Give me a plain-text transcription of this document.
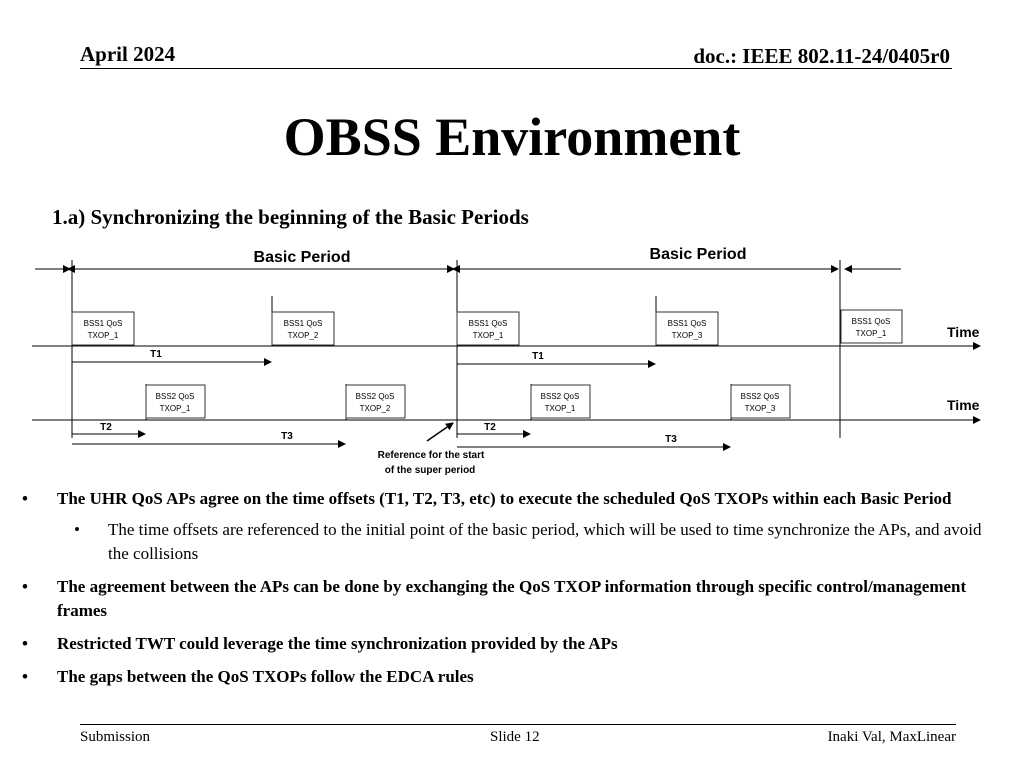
April 2024	doc.: IEEE 802.11-24/0405r0
OBSS Environment
1.a) Synchronizing the beginning of the Basic Periods
Basic Period	Basic Period
Time
Time
BSS1 QoS
TXOP_1
BSS1 QoS
TXOP_2
BSS1 QoS
TXOP_1
BSS1 QoS
TXOP_3
BSS1 QoS
TXOP_1
BSS2 QoS
TXOP_1
BSS2 QoS
TXOP_2
BSS2 QoS
TXOP_1
BSS2 QoS
TXOP_3
T1	T1
T2	T2
T3	T3
Reference for the start
of the super period
• The UHR QoS APs agree on the time offsets (T1, T2, T3, etc) to execute the scheduled QoS TXOPs within each Basic Period
• The time offsets are referenced to the initial point of the basic period, which will be used to time synchronize the APs, and avoid the collisions
• The agreement between the APs can be done by exchanging the QoS TXOP information through specific control/management frames
• Restricted TWT could leverage the time synchronization provided by the APs
• The gaps between the QoS TXOPs follow the EDCA rules
Submission	Slide 12	Inaki Val, MaxLinear
